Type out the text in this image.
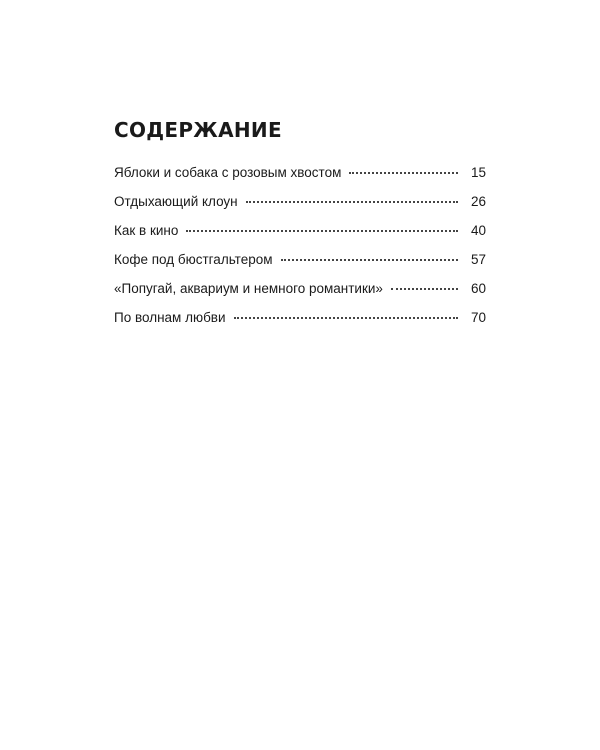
СОДЕРЖАНИЕ
Яблоки и собака с розовым хвостом	15
Отдыхающий клоун	26
Как в кино	40
Кофе под бюстгальтером	57
«Попугай, аквариум и немного романтики»	60
По волнам любви	70
